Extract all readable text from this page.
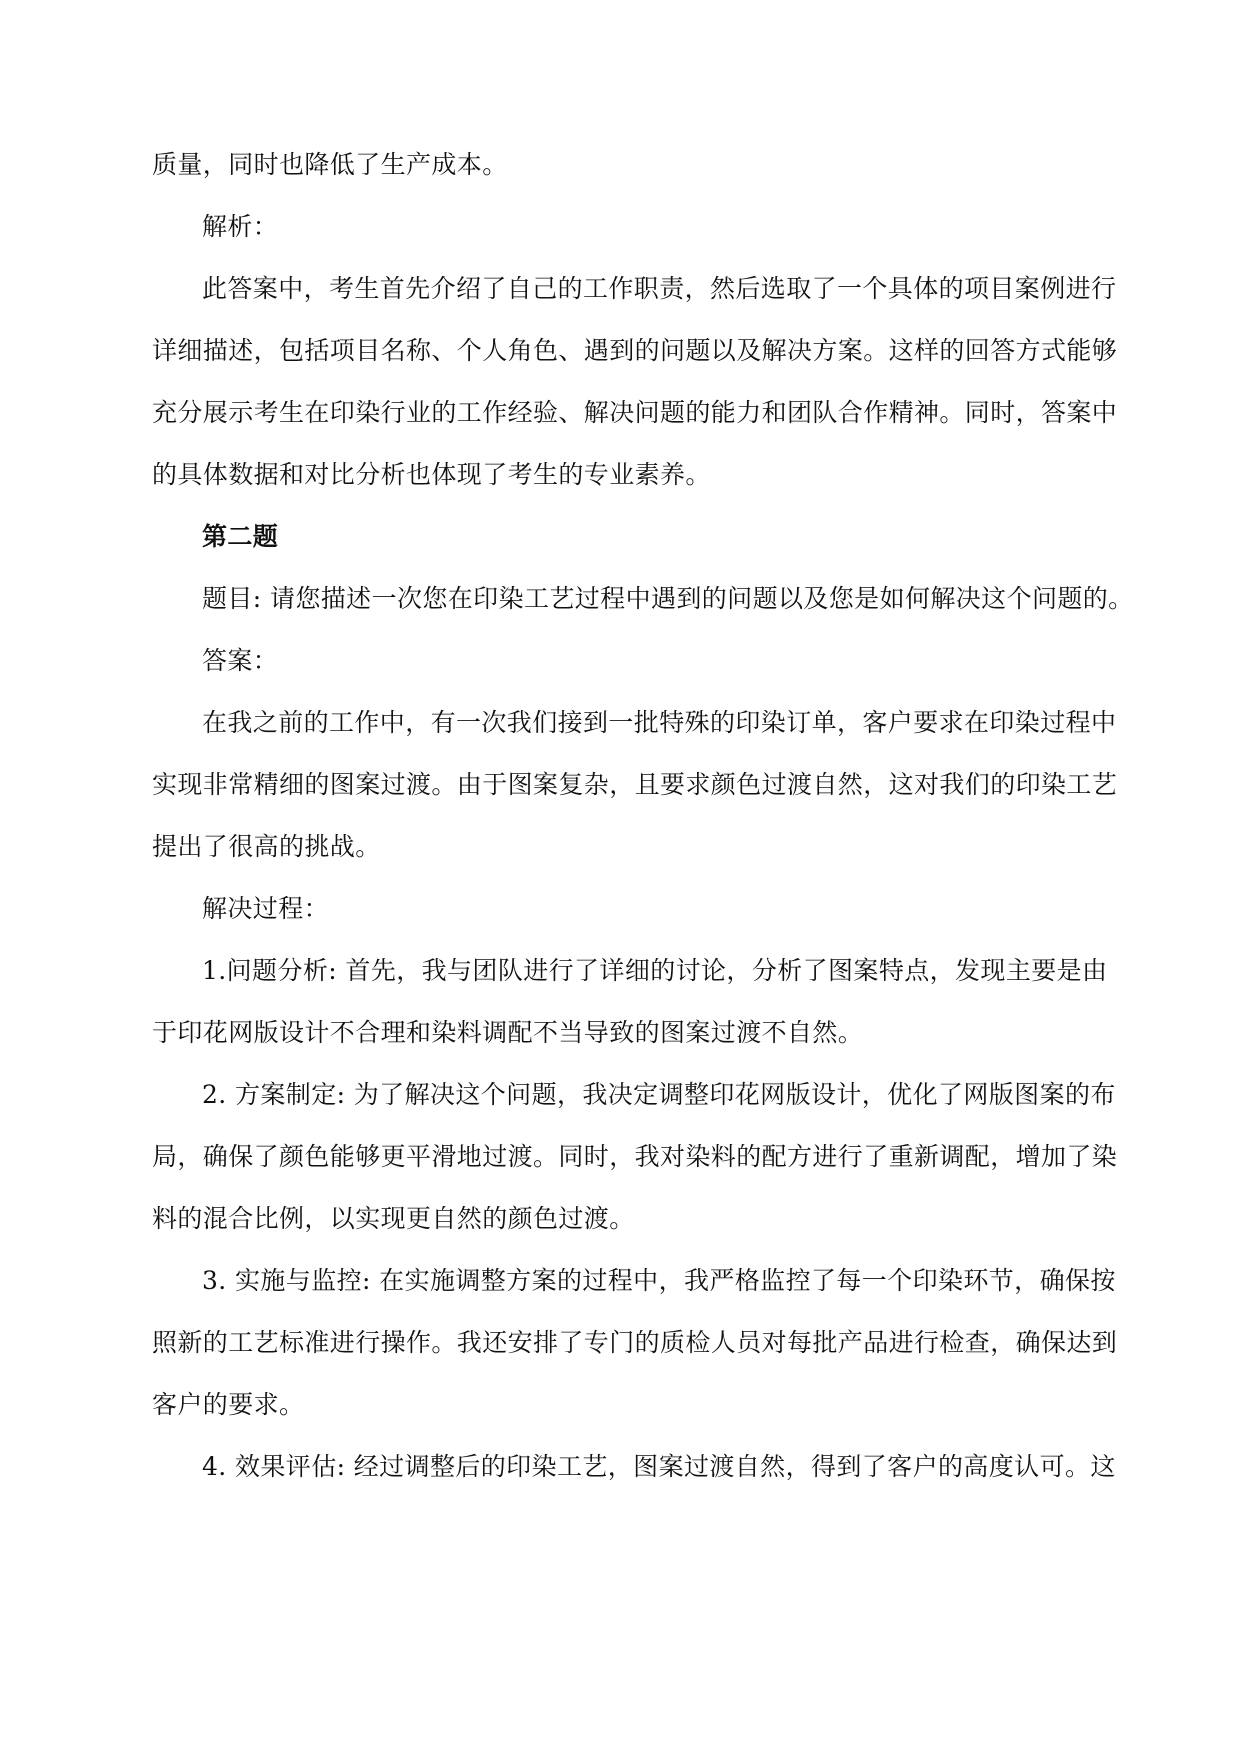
质量，同时也降低了生产成本。
解析：
此答案中，考生首先介绍了自己的工作职责，然后选取了一个具体的项目案例进行
详细描述，包括项目名称、个人角色、遇到的问题以及解决方案。这样的回答方式能够
充分展示考生在印染行业的工作经验、解决问题的能力和团队合作精神。同时，答案中
的具体数据和对比分析也体现了考生的专业素养。
第二题
题目: 请您描述一次您在印染工艺过程中遇到的问题以及您是如何解决这个问题的。
答案：
在我之前的工作中，有一次我们接到一批特殊的印染订单，客户要求在印染过程中
实现非常精细的图案过渡。由于图案复杂，且要求颜色过渡自然，这对我们的印染工艺
提出了很高的挑战。
解决过程：
1.问题分析: 首先，我与团队进行了详细的讨论，分析了图案特点，发现主要是由
于印花网版设计不合理和染料调配不当导致的图案过渡不自然。
2. 方案制定: 为了解决这个问题，我决定调整印花网版设计，优化了网版图案的布
局，确保了颜色能够更平滑地过渡。同时，我对染料的配方进行了重新调配，增加了染
料的混合比例，以实现更自然的颜色过渡。
3. 实施与监控: 在实施调整方案的过程中，我严格监控了每一个印染环节，确保按
照新的工艺标准进行操作。我还安排了专门的质检人员对每批产品进行检查，确保达到
客户的要求。
4. 效果评估: 经过调整后的印染工艺，图案过渡自然，得到了客户的高度认可。这
